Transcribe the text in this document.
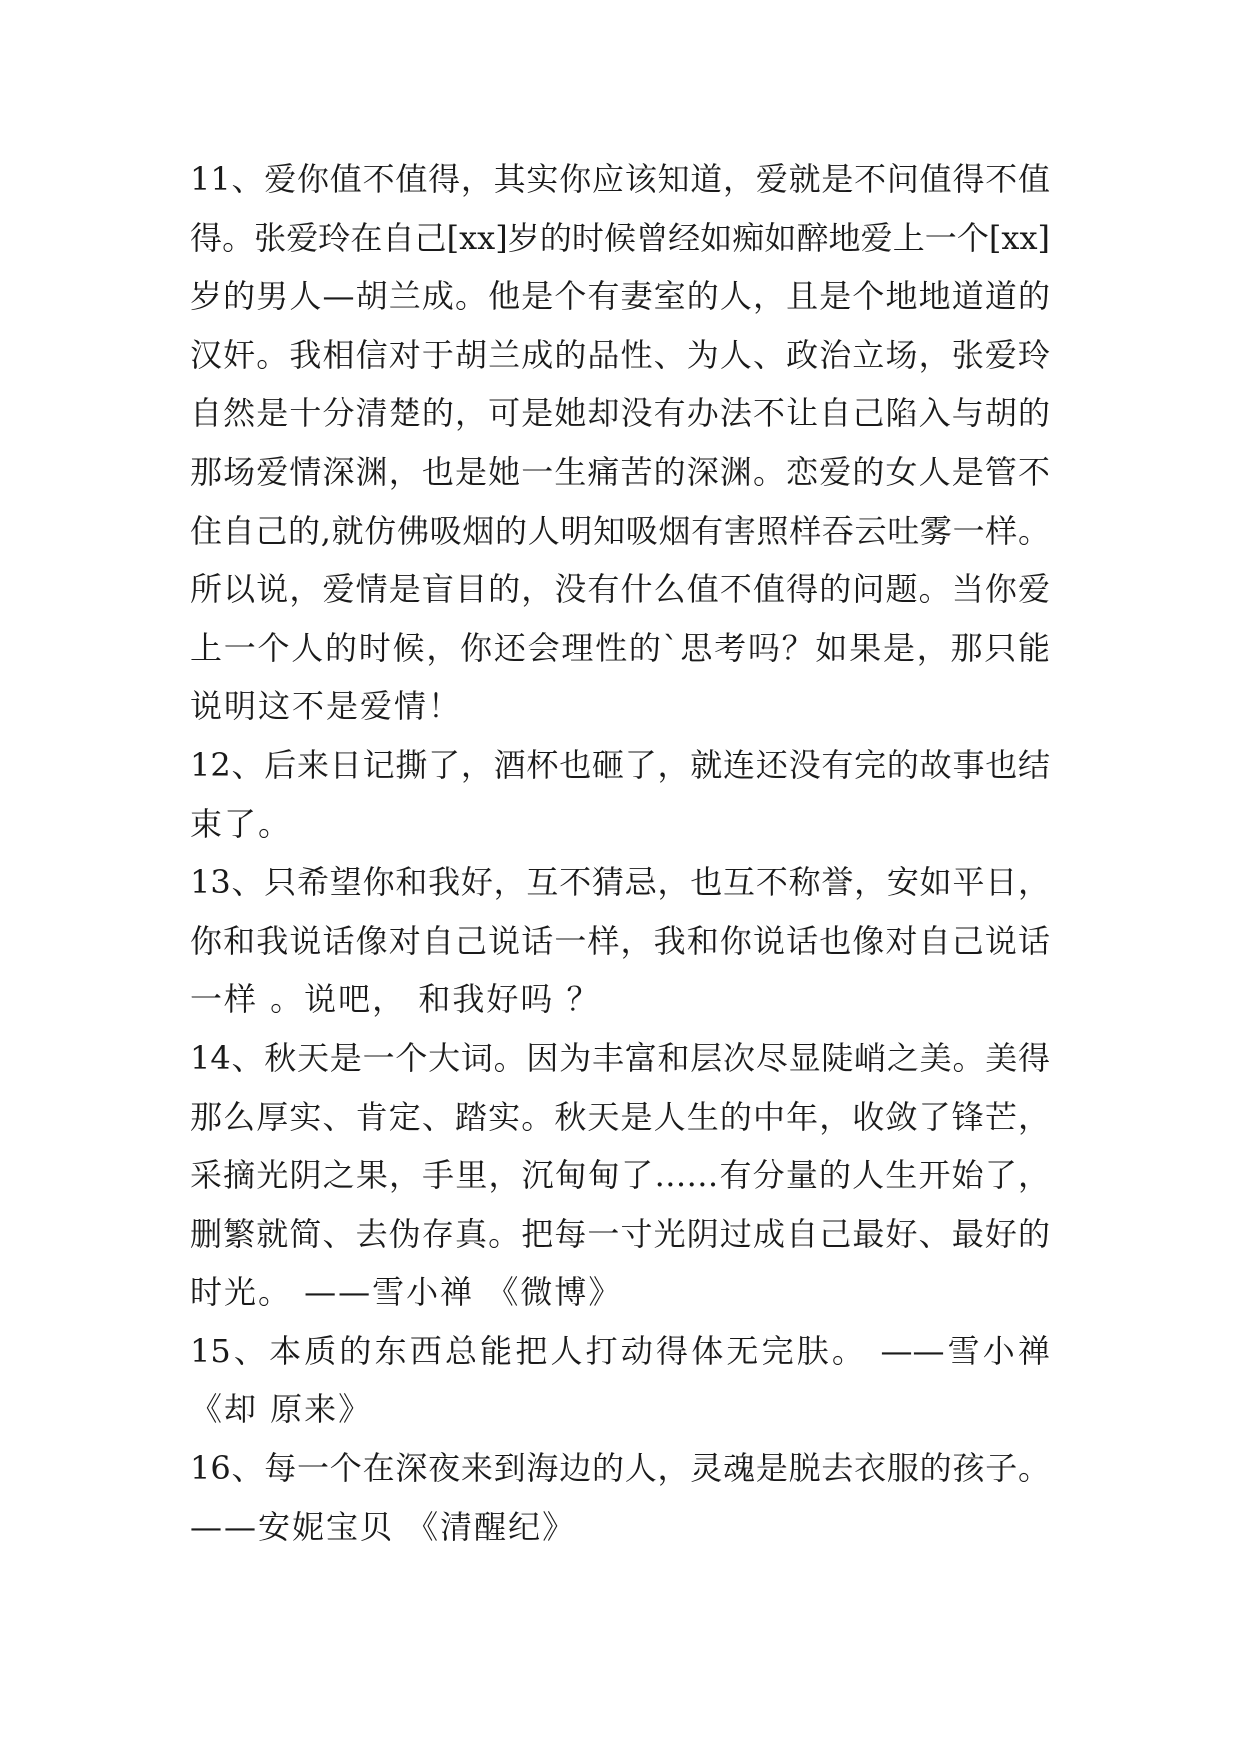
11、爱你值不值得，其实你应该知道，爱就是不问值得不值
得。张爱玲在自己[xx]岁的时候曾经如痴如醉地爱上一个[xx]
岁的男人—胡兰成。他是个有妻室的人，且是个地地道道的
汉奸。我相信对于胡兰成的品性、为人、政治立场，张爱玲
自然是十分清楚的，可是她却没有办法不让自己陷入与胡的
那场爱情深渊，也是她一生痛苦的深渊。恋爱的女人是管不
住自己的,就仿佛吸烟的人明知吸烟有害照样吞云吐雾一样。
所以说，爱情是盲目的，没有什么值不值得的问题。当你爱
上一个人的时候，你还会理性的`思考吗？如果是，那只能
说明这不是爱情！
12、后来日记撕了，酒杯也砸了，就连还没有完的故事也结
束了。
13、只希望你和我好，互不猜忌，也互不称誉，安如平日，
你和我说话像对自己说话一样，我和你说话也像对自己说话
一样 。说吧， 和我好吗 ？
14、秋天是一个大词。因为丰富和层次尽显陡峭之美。美得
那么厚实、肯定、踏实。秋天是人生的中年，收敛了锋芒，
采摘光阴之果，手里，沉甸甸了……有分量的人生开始了，
删繁就简、去伪存真。把每一寸光阴过成自己最好、最好的
时光。 ——雪小禅 《微博》
15、本质的东西总能把人打动得体无完肤。 ——雪小禅
《却 原来》
16、每一个在深夜来到海边的人，灵魂是脱去衣服的孩子。
——安妮宝贝 《清醒纪》
